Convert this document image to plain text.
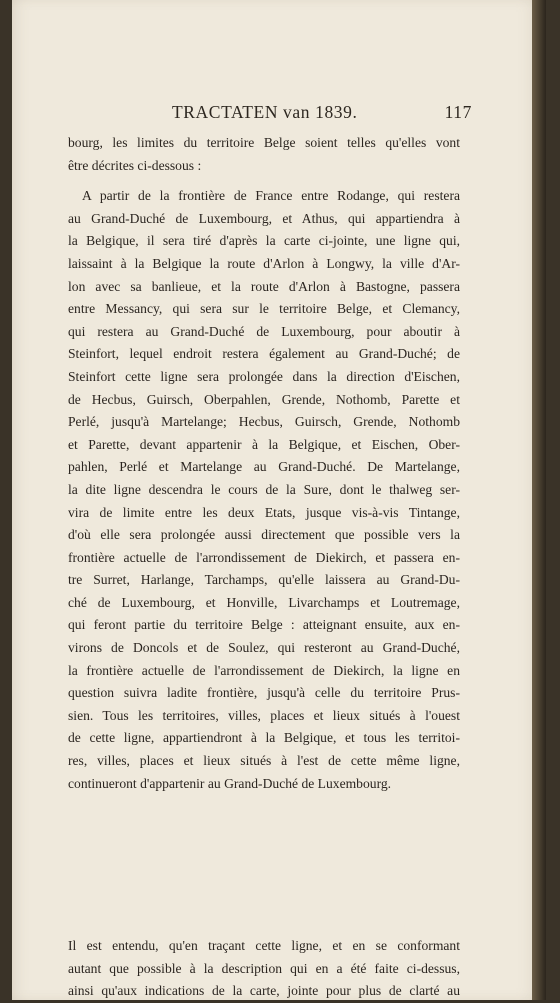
TRACTATEN van 1839.	117
bourg, les limites du territoire Belge soient telles qu'elles vont
être décrites ci-dessous :
A partir de la frontière de France entre Rodange, qui restera
au Grand-Duché de Luxembourg, et Athus, qui appartiendra à
la Belgique, il sera tiré d'après la carte ci-jointe, une ligne qui,
laissaint à la Belgique la route d'Arlon à Longwy, la ville d'Ar-
lon avec sa banlieue, et la route d'Arlon à Bastogne, passera
entre Messancy, qui sera sur le territoire Belge, et Clemancy,
qui restera au Grand-Duché de Luxembourg, pour aboutir à
Steinfort, lequel endroit restera également au Grand-Duché; de
Steinfort cette ligne sera prolongée dans la direction d'Eischen,
de Hecbus, Guirsch, Oberpahlen, Grende, Nothomb, Parette et
Perlé, jusqu'à Martelange; Hecbus, Guirsch, Grende, Nothomb
et Parette, devant appartenir à la Belgique, et Eischen, Ober-
pahlen, Perlé et Martelange au Grand-Duché. De Martelange,
la dite ligne descendra le cours de la Sure, dont le thalweg ser-
vira de limite entre les deux Etats, jusque vis-à-vis Tintange,
d'où elle sera prolongée aussi directement que possible vers la
frontière actuelle de l'arrondissement de Diekirch, et passera en-
tre Surret, Harlange, Tarchamps, qu'elle laissera au Grand-Du-
ché de Luxembourg, et Honville, Livarchamps et Loutremage,
qui feront partie du territoire Belge : atteignant ensuite, aux en-
virons de Doncols et de Soulez, qui resteront au Grand-Duché,
la frontière actuelle de l'arrondissement de Diekirch, la ligne en
question suivra ladite frontière, jusqu'à celle du territoire Prus-
sien. Tous les territoires, villes, places et lieux situés à l'ouest
de cette ligne, appartiendront à la Belgique, et tous les territoi-
res, villes, places et lieux situés à l'est de cette même ligne,
continueront d'appartenir au Grand-Duché de Luxembourg.
Il est entendu, qu'en traçant cette ligne, et en se conformant
autant que possible à la description qui en a été faite ci-dessus,
ainsi qu'aux indications de la carte, jointe pour plus de clarté au
